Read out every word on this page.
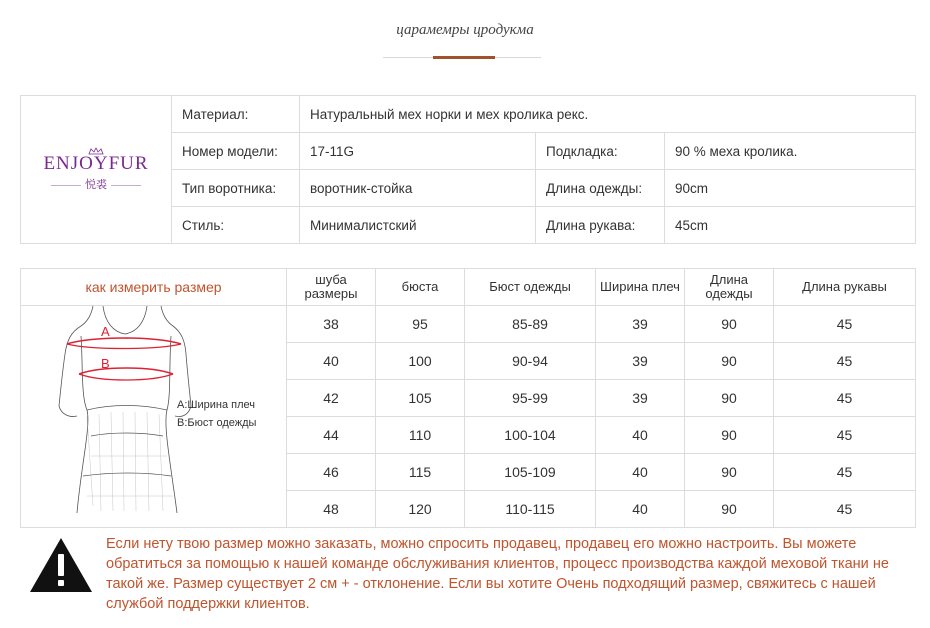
царамемры цродукма
ENJOYFUR
悦裘	Материал:	Натуральный мех норки и мех кролика рекс.		
	Номер модели:	17-11G	Подкладка:	90 % меха кролика.
	Тип воротника:	воротник-стойка	Длина одежды:	90cm
	Стиль:	Минималистский	Длина рукава:	45cm
как измерить размер	шуба размеры	бюста	Бюст одежды	Ширина плеч	Длина одежды	Длина рукавы

B
A
A:Ширина плеч
B:Бюст одежды	38	95	85-89	39	90	45
	40	100	90-94	39	90	45
	42	105	95-99	39	90	45
	44	110	100-104	40	90	45
	46	115	105-109	40	90	45
	48	120	110-115	40	90	45
Если нету твою размер можно заказать, можно спросить продавец, продавец его можно настроить. Вы можете обратиться за помощью к нашей команде обслуживания клиентов, процесс производства каждой меховой ткани не такой же. Размер существует 2 см + - отклонение. Если вы хотите Очень подходящий размер, свяжитесь с нашей службой поддержки клиентов.
